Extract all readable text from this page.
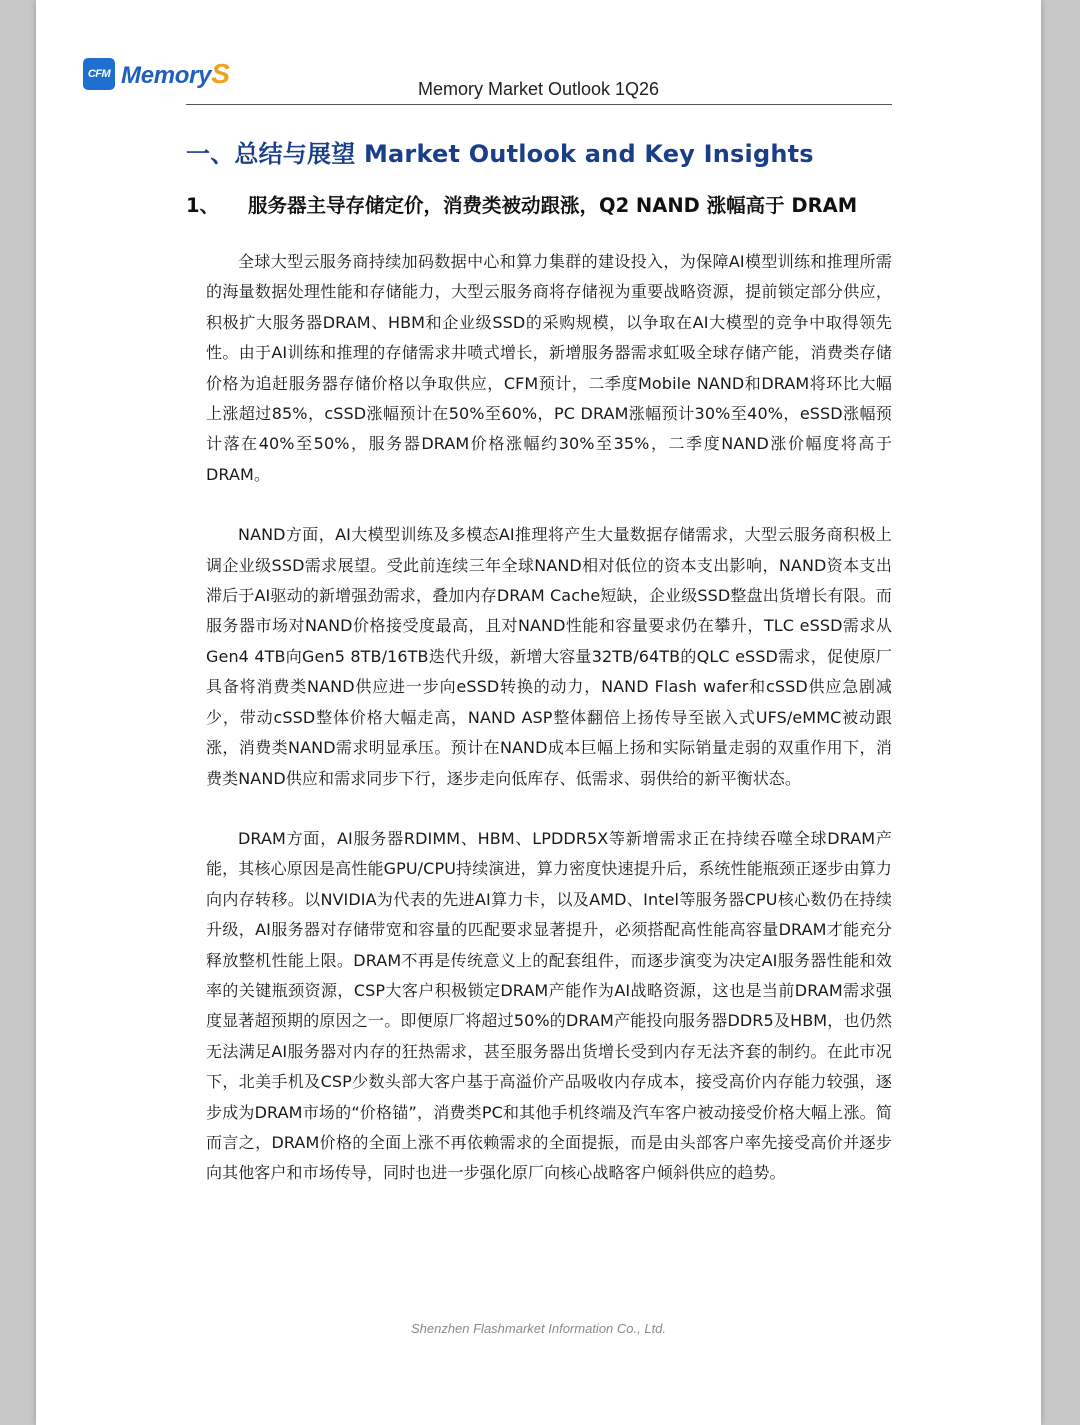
CFM MemoryS	Memory Market Outlook 1Q26
一、总结与展望 Market Outlook and Key Insights
1、 服务器主导存储定价，消费类被动跟涨，Q2 NAND 涨幅高于 DRAM

全球大型云服务商持续加码数据中心和算力集群的建设投入，为保障AI模型训练和推理所需的海量数据处理性能和存储能力，大型云服务商将存储视为重要战略资源，提前锁定部分供应，积极扩大服务器DRAM、HBM和企业级SSD的采购规模，以争取在AI大模型的竞争中取得领先性。由于AI训练和推理的存储需求井喷式增长，新增服务器需求虹吸全球存储产能，消费类存储价格为追赶服务器存储价格以争取供应，CFM预计，二季度Mobile NAND和DRAM将环比大幅上涨超过85%，cSSD涨幅预计在50%至60%，PC DRAM涨幅预计30%至40%，eSSD涨幅预计落在40%至50%，服务器DRAM价格涨幅约30%至35%，二季度NAND涨价幅度将高于DRAM。

NAND方面，AI大模型训练及多模态AI推理将产生大量数据存储需求，大型云服务商积极上调企业级SSD需求展望。受此前连续三年全球NAND相对低位的资本支出影响，NAND资本支出滞后于AI驱动的新增强劲需求，叠加内存DRAM Cache短缺，企业级SSD整盘出货增长有限。而服务器市场对NAND价格接受度最高，且对NAND性能和容量要求仍在攀升，TLC eSSD需求从Gen4 4TB向Gen5 8TB/16TB迭代升级，新增大容量32TB/64TB的QLC eSSD需求，促使原厂具备将消费类NAND供应进一步向eSSD转换的动力，NAND Flash wafer和cSSD供应急剧减少，带动cSSD整体价格大幅走高，NAND ASP整体翻倍上扬传导至嵌入式UFS/eMMC被动跟涨，消费类NAND需求明显承压。预计在NAND成本巨幅上扬和实际销量走弱的双重作用下，消费类NAND供应和需求同步下行，逐步走向低库存、低需求、弱供给的新平衡状态。

DRAM方面，AI服务器RDIMM、HBM、LPDDR5X等新增需求正在持续吞噬全球DRAM产能，其核心原因是高性能GPU/CPU持续演进，算力密度快速提升后，系统性能瓶颈正逐步由算力向内存转移。以NVIDIA为代表的先进AI算力卡，以及AMD、Intel等服务器CPU核心数仍在持续升级，AI服务器对存储带宽和容量的匹配要求显著提升，必须搭配高性能高容量DRAM才能充分释放整机性能上限。DRAM不再是传统意义上的配套组件，而逐步演变为决定AI服务器性能和效率的关键瓶颈资源，CSP大客户积极锁定DRAM产能作为AI战略资源，这也是当前DRAM需求强度显著超预期的原因之一。即便原厂将超过50%的DRAM产能投向服务器DDR5及HBM，也仍然无法满足AI服务器对内存的狂热需求，甚至服务器出货增长受到内存无法齐套的制约。在此市况下，北美手机及CSP少数头部大客户基于高溢价产品吸收内存成本，接受高价内存能力较强，逐步成为DRAM市场的“价格锚”，消费类PC和其他手机终端及汽车客户被动接受价格大幅上涨。简而言之，DRAM价格的全面上涨不再依赖需求的全面提振，而是由头部客户率先接受高价并逐步向其他客户和市场传导，同时也进一步强化原厂向核心战略客户倾斜供应的趋势。

Shenzhen Flashmarket Information Co., Ltd.
